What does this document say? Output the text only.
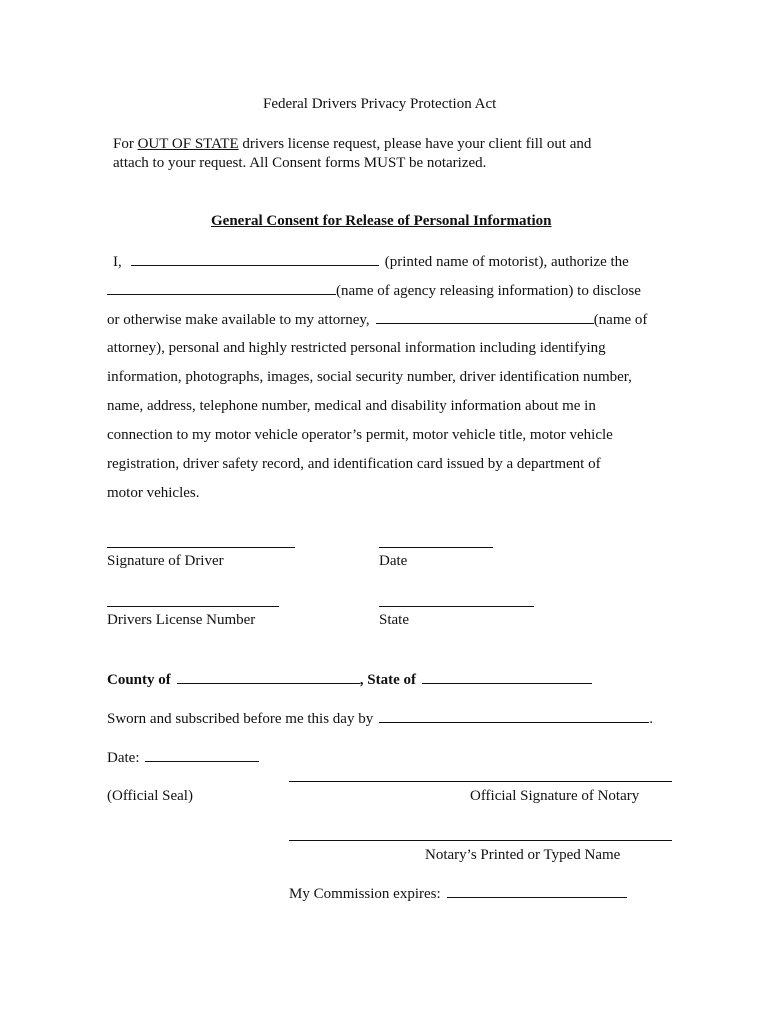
Federal Drivers Privacy Protection Act
For OUT OF STATE drivers license request, please have your client fill out and
attach to your request. All Consent forms MUST be notarized.
General Consent for Release of Personal Information
I,	(printed name of motorist), authorize the
(name of agency releasing information) to disclose
or otherwise make available to my attorney,	(name of
attorney), personal and highly restricted personal information including identifying
information, photographs, images, social security number, driver identification number,
name, address, telephone number, medical and disability information about me in
connection to my motor vehicle operator’s permit, motor vehicle title, motor vehicle
registration, driver safety record, and identification card issued by a department of
motor vehicles.
Signature of Driver	Date
Drivers License Number	State
County of	, State of
Sworn and subscribed before me this day by	.
Date:
(Official Seal)	Official Signature of Notary
Notary’s Printed or Typed Name
My Commission expires:
